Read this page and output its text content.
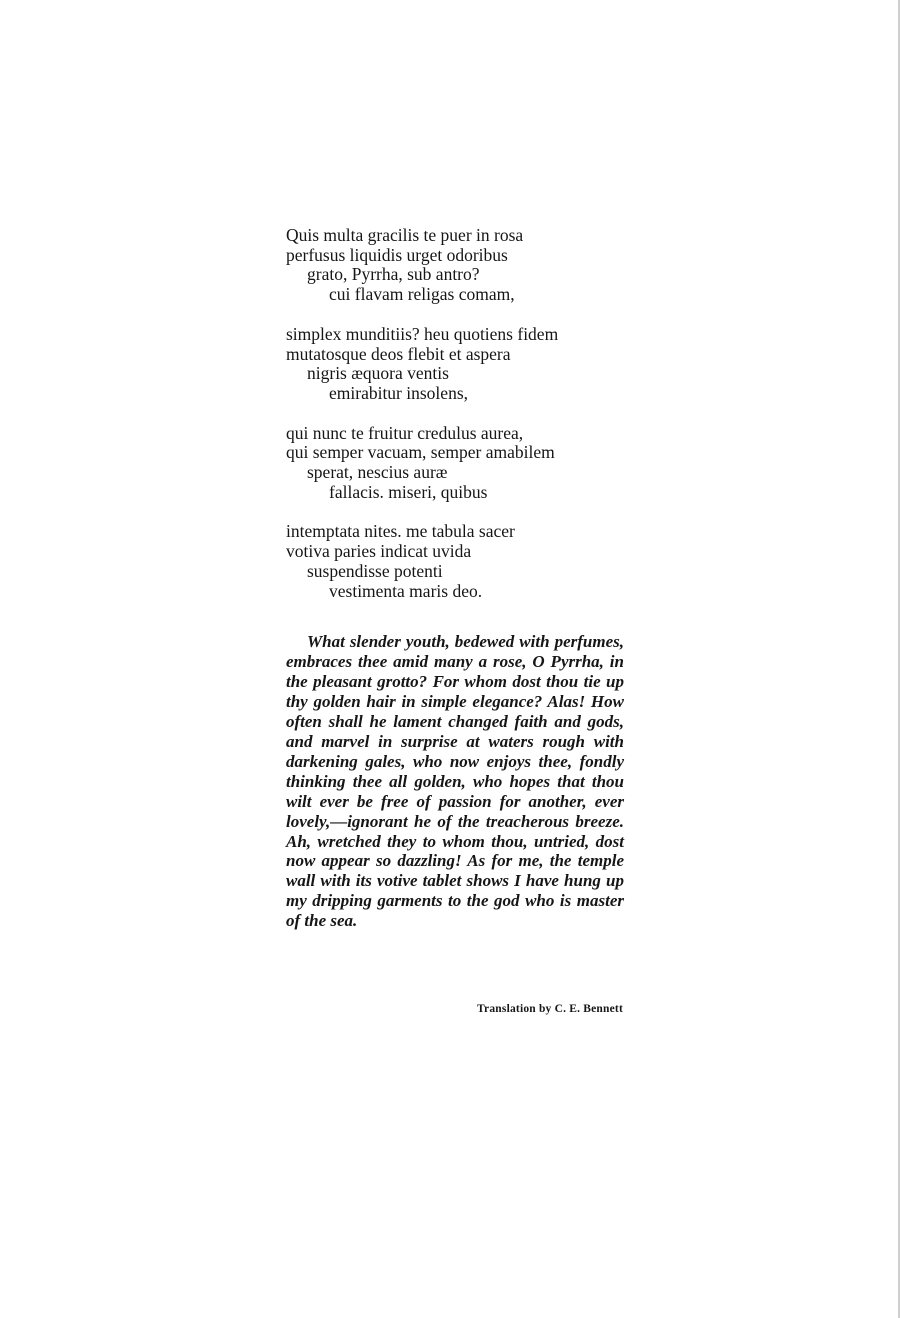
Quis multa gracilis te puer in rosa
perfusus liquidis urget odoribus
grato, Pyrrha, sub antro?
cui flavam religas comam,
simplex munditiis? heu quotiens fidem
mutatosque deos flebit et aspera
nigris æquora ventis
emirabitur insolens,
qui nunc te fruitur credulus aurea,
qui semper vacuam, semper amabilem
sperat, nescius auræ
fallacis. miseri, quibus
intemptata nites. me tabula sacer
votiva paries indicat uvida
suspendisse potenti
vestimenta maris deo.

What slender youth, bedewed with perfumes, embraces thee amid many a rose, O Pyrrha, in the pleasant grotto? For whom dost thou tie up thy golden hair in simple elegance? Alas! How often shall he lament changed faith and gods, and marvel in surprise at waters rough with darkening gales, who now enjoys thee, fondly thinking thee all golden, who hopes that thou wilt ever be free of passion for another, ever lovely,—ignorant he of the treacherous breeze. Ah, wretched they to whom thou, untried, dost now appear so dazzling! As for me, the temple wall with its votive tablet shows I have hung up my dripping garments to the god who is master of the sea.

Translation by C. E. Bennett
